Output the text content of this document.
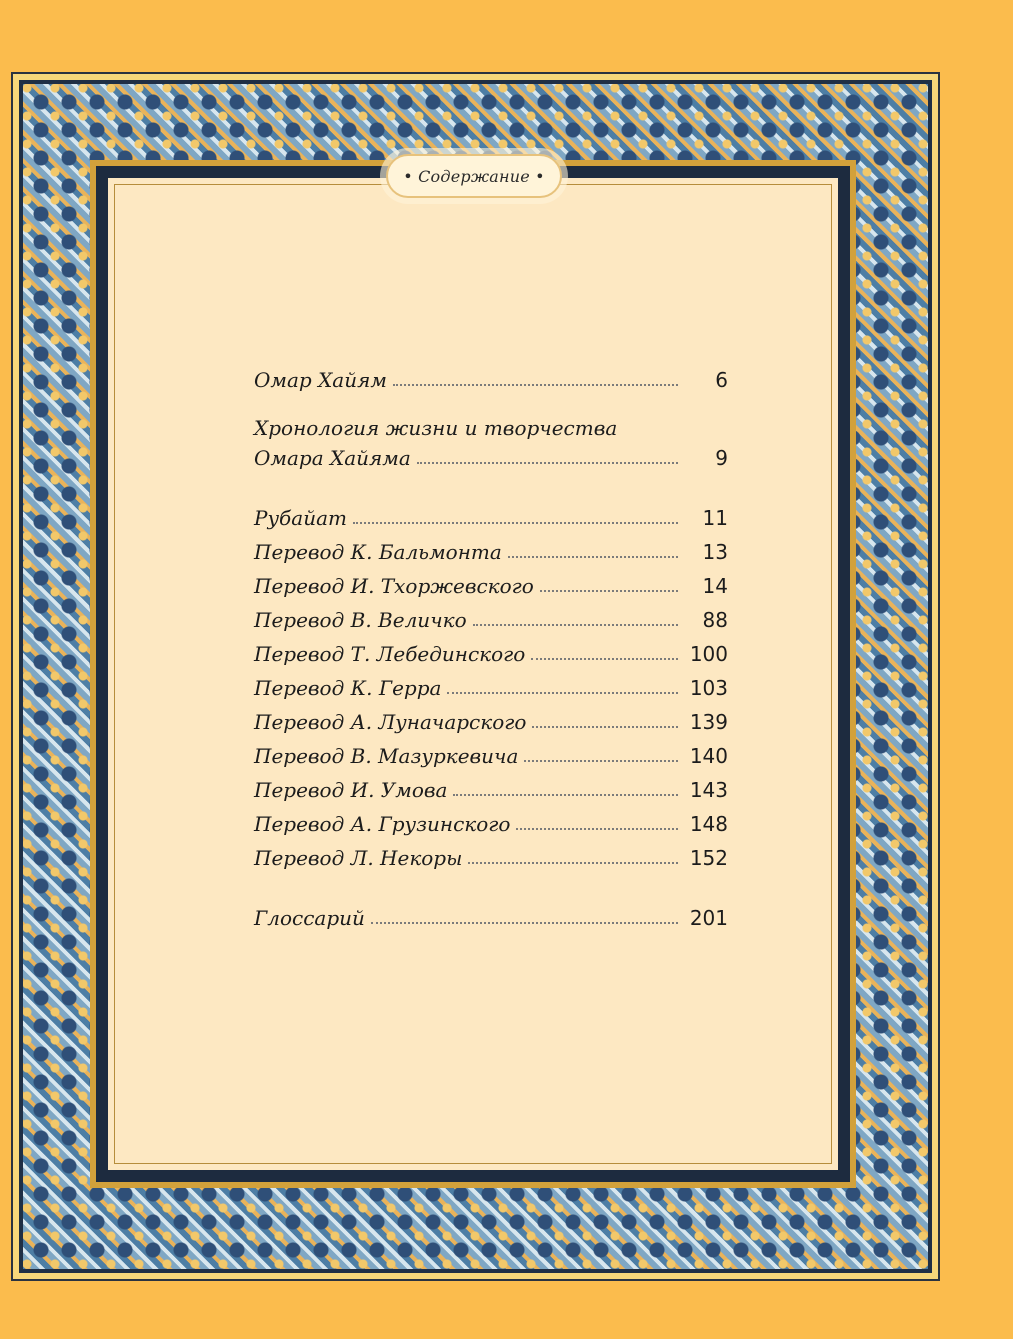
• Содержание •
Омар Хайям	6
Хронология жизни и творчества
Омара Хайяма	9
Рубайат	11
Перевод К. Бальмонта	13
Перевод И. Тхоржевского	14
Перевод В. Величко	88
Перевод Т. Лебединского	100
Перевод К. Герра	103
Перевод А. Луначарского	139
Перевод В. Мазуркевича	140
Перевод И. Умова	143
Перевод А. Грузинского	148
Перевод Л. Некоры	152
Глоссарий	201
